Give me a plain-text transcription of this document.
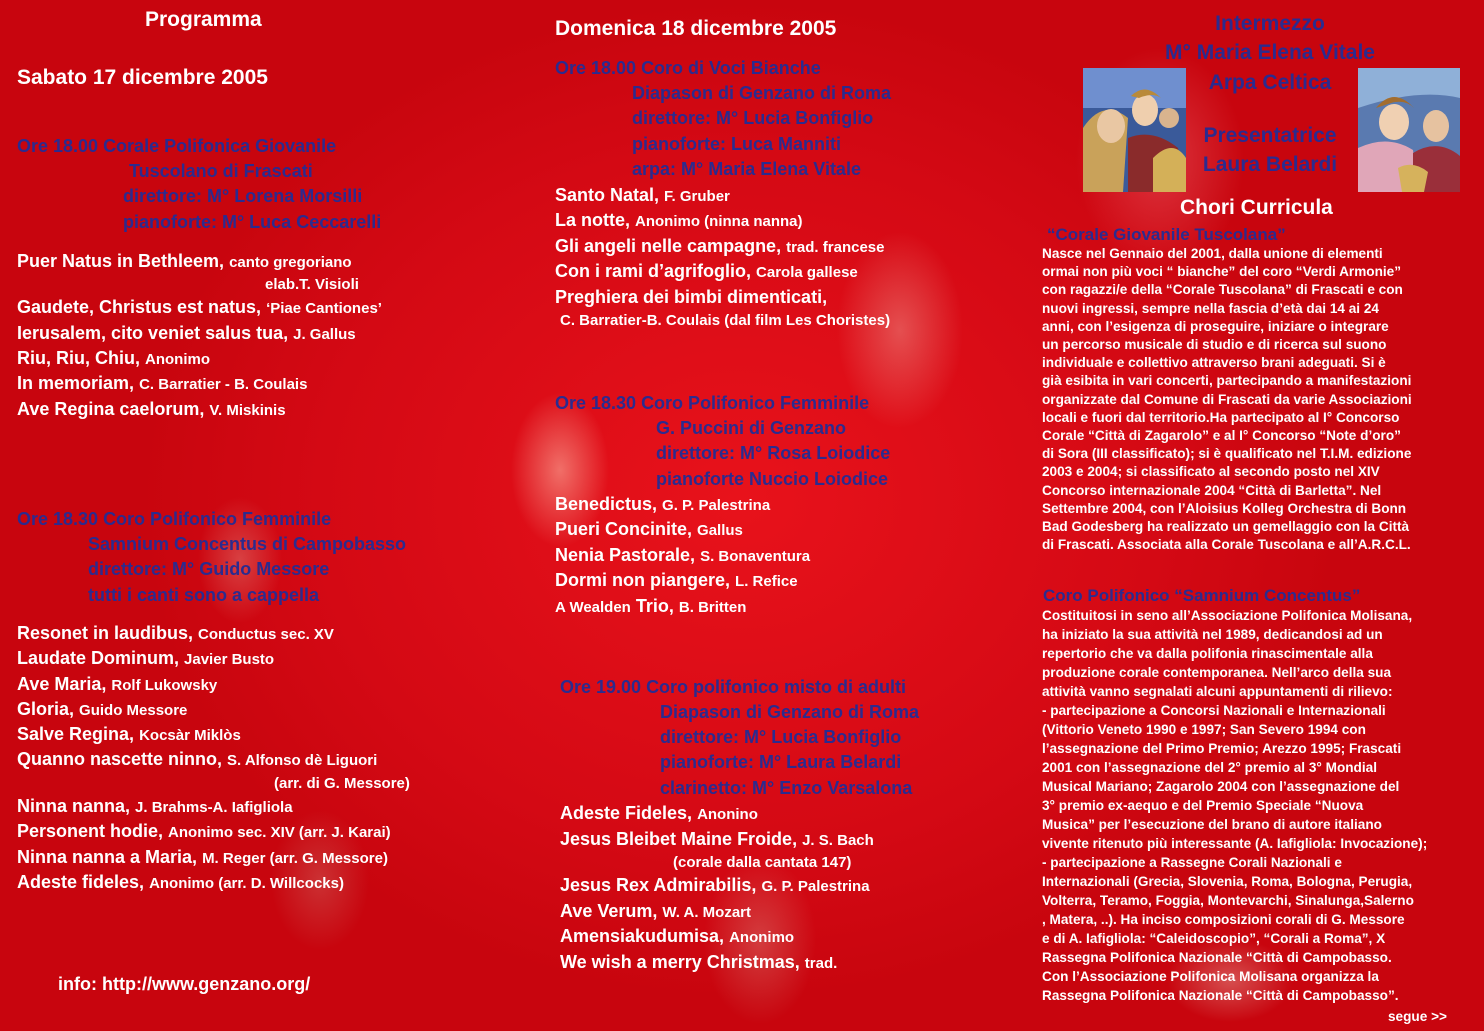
Programma
Sabato 17 dicembre 2005
Ore 18.00 Corale Polifonica Giovanile
Tuscolano di Frascati
direttore: M° Lorena Morsilli
pianoforte: M° Luca Ceccarelli
Puer Natus in Bethleem, canto gregoriano
elab.T. Visioli
Gaudete, Christus est natus, ‘Piae Cantiones’
Ierusalem, cito veniet salus tua, J. Gallus
Riu, Riu, Chiu, Anonimo
In memoriam, C. Barratier - B. Coulais
Ave Regina caelorum, V. Miskinis
Ore 18.30 Coro Polifonico Femminile
Samnium Concentus di Campobasso
direttore: M° Guido Messore
tutti i canti sono a cappella
Resonet in laudibus, Conductus sec. XV
Laudate Dominum, Javier Busto
Ave Maria, Rolf Lukowsky
Gloria, Guido Messore
Salve Regina, Kocsàr Miklòs
Quanno nascette ninno, S. Alfonso dè Liguori
(arr. di G. Messore)
Ninna nanna, J. Brahms-A. Iafigliola
Personent hodie, Anonimo sec. XIV (arr. J. Karai)
Ninna nanna a Maria, M. Reger (arr. G. Messore)
Adeste fideles, Anonimo (arr. D. Willcocks)
info: http://www.genzano.org/
Domenica 18 dicembre 2005
Ore 18.00 Coro di Voci Bianche
Diapason di Genzano di Roma
direttore: M° Lucia Bonfiglio
pianoforte: Luca Manniti
arpa: M° Maria Elena Vitale
Santo Natal, F. Gruber
La notte, Anonimo (ninna nanna)
Gli angeli nelle campagne, trad. francese
Con i rami d’agrifoglio, Carola gallese
Preghiera dei bimbi dimenticati,
C. Barratier-B. Coulais (dal film Les Choristes)
Ore 18.30 Coro Polifonico Femminile
G. Puccini di Genzano
direttore: M° Rosa Loiodice
pianoforte Nuccio Loiodice
Benedictus, G. P. Palestrina
Pueri Concinite, Gallus
Nenia Pastorale, S. Bonaventura
Dormi non piangere, L. Refice
A Wealden Trio, B. Britten
Ore 19.00 Coro polifonico misto di adulti
Diapason di Genzano di Roma
direttore: M° Lucia Bonfiglio
pianoforte: M° Laura Belardi
clarinetto: M° Enzo Varsalona
Adeste Fideles, Anonino
Jesus Bleibet Maine Froide, J. S. Bach
(corale dalla cantata 147)
Jesus Rex Admirabilis, G. P. Palestrina
Ave Verum, W. A. Mozart
Amensiakudumisa, Anonimo
We wish a merry Christmas, trad.
Intermezzo
M° Maria Elena Vitale
Arpa Celtica
Presentatrice
Laura Belardi
Chori Curricula
“Corale Giovanile Tuscolana”
Nasce nel Gennaio del 2001, dalla unione di elementi
ormai non più voci “ bianche” del coro “Verdi Armonie”
con ragazzi/e della “Corale Tuscolana” di Frascati e con
nuovi ingressi, sempre nella fascia d’età dai 14 ai 24
anni, con l’esigenza di proseguire, iniziare o integrare
un percorso musicale di studio e di ricerca sul suono
individuale e collettivo attraverso brani adeguati. Si è
già esibita in vari concerti, partecipando a manifestazioni
organizzate dal Comune di Frascati da varie Associazioni
locali e fuori dal territorio.Ha partecipato al I° Concorso
Corale “Città di Zagarolo” e al I° Concorso “Note d’oro”
di Sora (III classificato); si è qualificato nel T.I.M. edizione
2003 e 2004; si classificato al secondo posto nel XIV
Concorso internazionale 2004 “Città di Barletta”. Nel
Settembre 2004, con l’Aloisius Kolleg Orchestra di Bonn
Bad Godesberg ha realizzato un gemellaggio con la Città
di Frascati. Associata alla Corale Tuscolana e all’A.R.C.L.
Coro Polifonico “Samnium Concentus”
Costituitosi in seno all’Associazione Polifonica Molisana,
ha iniziato la sua attività nel 1989, dedicandosi ad un
repertorio che va dalla polifonia rinascimentale alla
produzione corale contemporanea. Nell’arco della sua
attività vanno segnalati alcuni appuntamenti di rilievo:
- partecipazione a Concorsi Nazionali e Internazionali
(Vittorio Veneto 1990 e 1997; San Severo 1994 con
l’assegnazione del Primo Premio; Arezzo 1995; Frascati
2001 con l’assegnazione del 2° premio al 3° Mondial
Musical Mariano; Zagarolo 2004 con l’assegnazione del
3° premio ex-aequo e del Premio Speciale “Nuova
Musica” per l’esecuzione del brano di autore italiano
vivente ritenuto più interessante (A. Iafigliola: Invocazione);
- partecipazione a Rassegne Corali Nazionali e
Internazionali (Grecia, Slovenia, Roma, Bologna, Perugia,
Volterra, Teramo, Foggia, Montevarchi, Sinalunga,Salerno
, Matera, ..). Ha inciso composizioni corali di G. Messore
e di A. Iafigliola: “Caleidoscopio”, “Corali a Roma”, X
Rassegna Polifonica Nazionale “Città di Campobasso.
Con l’Associazione Polifonica Molisana organizza la
Rassegna Polifonica Nazionale “Città di Campobasso”.
segue >>
